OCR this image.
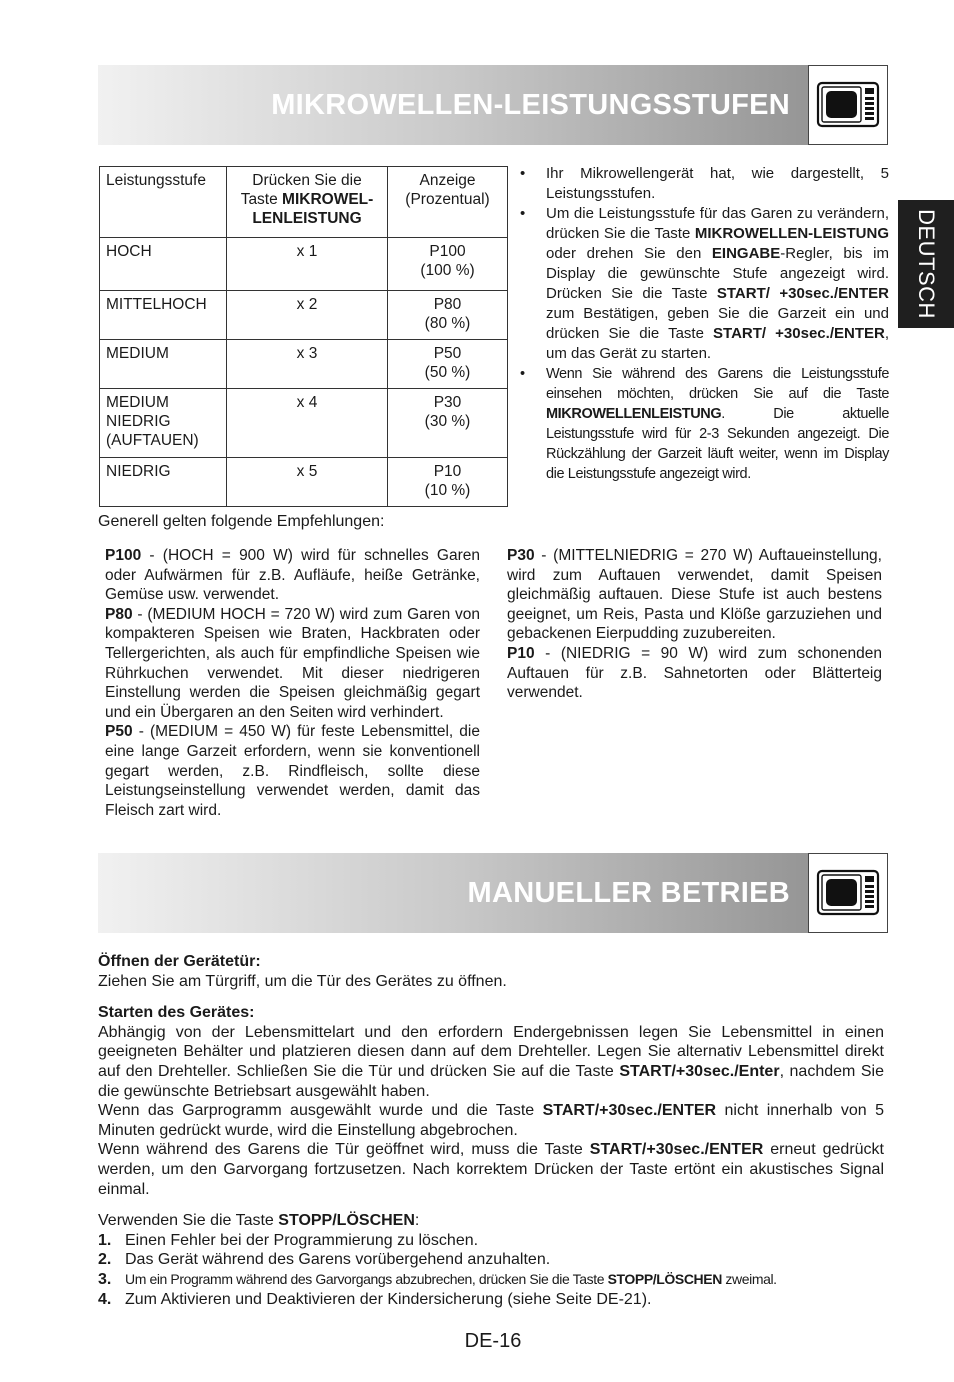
MIKROWELLEN-LEISTUNGSSTUFEN
DEUTSCH
Leistungsstufe	Drücken Sie die Taste MIKROWEL-LENLEISTUNG	Anzeige
(Prozentual)
HOCH	x 1	P100
(100 %)
MITTELHOCH	x 2	P80
(80 %)
MEDIUM	x 3	P50
(50 %)
MEDIUM NIEDRIG (AUFTAUEN)	x 4	P30
(30 %)
NIEDRIG	x 5	P10
(10 %)
• Ihr Mikrowellengerät hat, wie dargestellt, 5 Leistungsstufen.
• Um die Leistungsstufe für das Garen zu verändern, drücken Sie die Taste MIKROWELLEN-LEISTUNG oder drehen Sie den EINGABE-Regler, bis im Display die gewünschte Stufe angezeigt wird. Drücken Sie die Taste START/ +30sec./ENTER zum Bestätigen, geben Sie die Garzeit ein und drücken Sie die Taste START/ +30sec./ENTER, um das Gerät zu starten.
• Wenn Sie während des Garens die Leistungsstufe einsehen möchten, drücken Sie auf die Taste MIKROWELLENLEISTUNG. Die aktuelle Leistungsstufe wird für 2-3 Sekunden angezeigt. Die Rückzählung der Garzeit läuft weiter, wenn im Display die Leistungsstufe angezeigt wird.
Generell gelten folgende Empfehlungen:

P100 - (HOCH = 900 W) wird für schnelles Garen oder Aufwärmen für z.B. Aufläufe, heiße Getränke, Gemüse usw. verwendet.

P80 - (MEDIUM HOCH = 720 W) wird zum Garen von kompakteren Speisen wie Braten, Hackbraten oder Tellergerichten, als auch für empfindliche Speisen wie Rührkuchen verwendet. Mit dieser niedrigeren Einstellung werden die Speisen gleichmäßig gegart und ein Übergaren an den Seiten wird verhindert.

P50 - (MEDIUM = 450 W) für feste Lebensmittel, die eine lange Garzeit erfordern, wenn sie konventionell gegart werden, z.B. Rindfleisch, sollte diese Leistungseinstellung verwendet werden, damit das Fleisch zart wird.

P30 - (MITTELNIEDRIG = 270 W) Auftaueinstellung, wird zum Auftauen verwendet, damit Speisen gleichmäßig auftauen. Diese Stufe ist auch bestens geeignet, um Reis, Pasta und Klöße garzuziehen und gebackenen Eierpudding zuzubereiten.

P10 - (NIEDRIG = 90 W) wird zum schonenden Auftauen für z.B. Sahnetorten oder Blätterteig verwendet.

MANUELLER BETRIEB

Öffnen der Gerätetür:

Ziehen Sie am Türgriff, um die Tür des Gerätes zu öffnen.

Starten des Gerätes:

Abhängig von der Lebensmittelart und den erfordern Endergebnissen legen Sie Lebensmittel in einen geeigneten Behälter und platzieren diesen dann auf dem Drehteller. Legen Sie alternativ Lebensmittel direkt auf den Drehteller. Schließen Sie die Tür und drücken Sie auf die Taste START/+30sec./Enter, nachdem Sie die gewünschte Betriebsart ausgewählt haben.

Wenn das Garprogramm ausgewählt wurde und die Taste START/+30sec./ENTER nicht innerhalb von 5 Minuten gedrückt wurde, wird die Einstellung abgebrochen.

Wenn während des Garens die Tür geöffnet wird, muss die Taste START/+30sec./ENTER erneut gedrückt werden, um den Garvorgang fortzusetzen. Nach korrektem Drücken der Taste ertönt ein akustisches Signal einmal.

Verwenden Sie die Taste STOPP/LÖSCHEN:

1. Einen Fehler bei der Programmierung zu löschen.
2. Das Gerät während des Garens vorübergehend anzuhalten.
3. Um ein Programm während des Garvorgangs abzubrechen, drücken Sie die Taste STOPP/LÖSCHEN zweimal.
4. Zum Aktivieren und Deaktivieren der Kindersicherung (siehe Seite DE-21).
DE-16
